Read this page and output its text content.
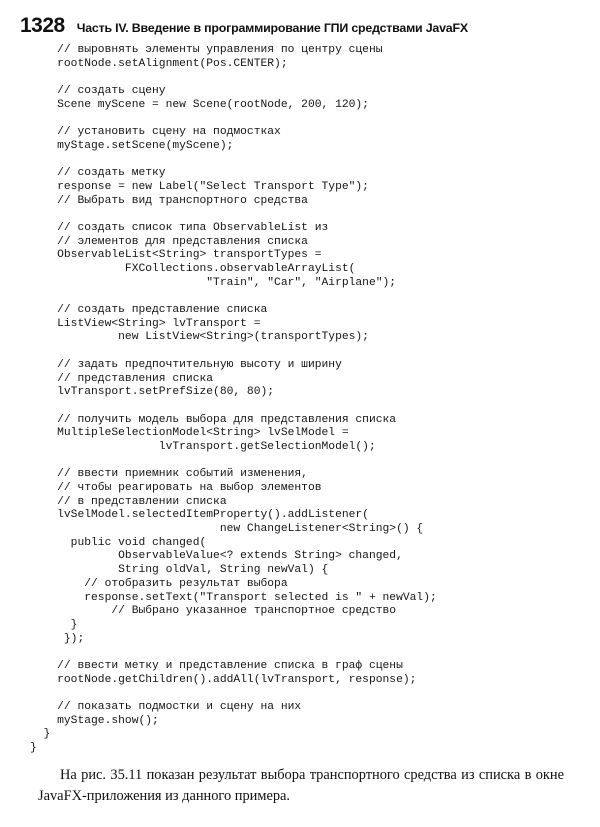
1328 Часть IV. Введение в программирование ГПИ средствами JavaFX
// выровнять элементы управления по центру сцены
rootNode.setAlignment(Pos.CENTER);
// создать сцену
Scene myScene = new Scene(rootNode, 200, 120);
// установить сцену на подмостках
myStage.setScene(myScene);
// создать метку
response = new Label("Select Transport Type");
// Выбрать вид транспортного средства
// создать список типа ObservableList из
// элементов для представления списка
ObservableList<String> transportTypes =
FXCollections.observableArrayList(
"Train", "Car", "Airplane");
// создать представление списка
ListView<String> lvTransport =
new ListView<String>(transportTypes);
// задать предпочтительную высоту и ширину
// представления списка
lvTransport.setPrefSize(80, 80);
// получить модель выбора для представления списка
MultipleSelectionModel<String> lvSelModel =
lvTransport.getSelectionModel();
// ввести приемник событий изменения,
// чтобы реагировать на выбор элементов
// в представлении списка
lvSelModel.selectedItemProperty().addListener(
new ChangeListener<String>() {
public void changed(
ObservableValue<? extends String> changed,
String oldVal, String newVal) {
// отобразить результат выбора
response.setText("Transport selected is " + newVal);
// Выбрано указанное транспортное средство
}
});
// ввести метку и представление списка в граф сцены
rootNode.getChildren().addAll(lvTransport, response);
// показать подмостки и сцену на них
myStage.show();
}
}

На рис. 35.11 показан результат выбора транспортного средства из списка в окне JavaFX-приложения из данного примера.
